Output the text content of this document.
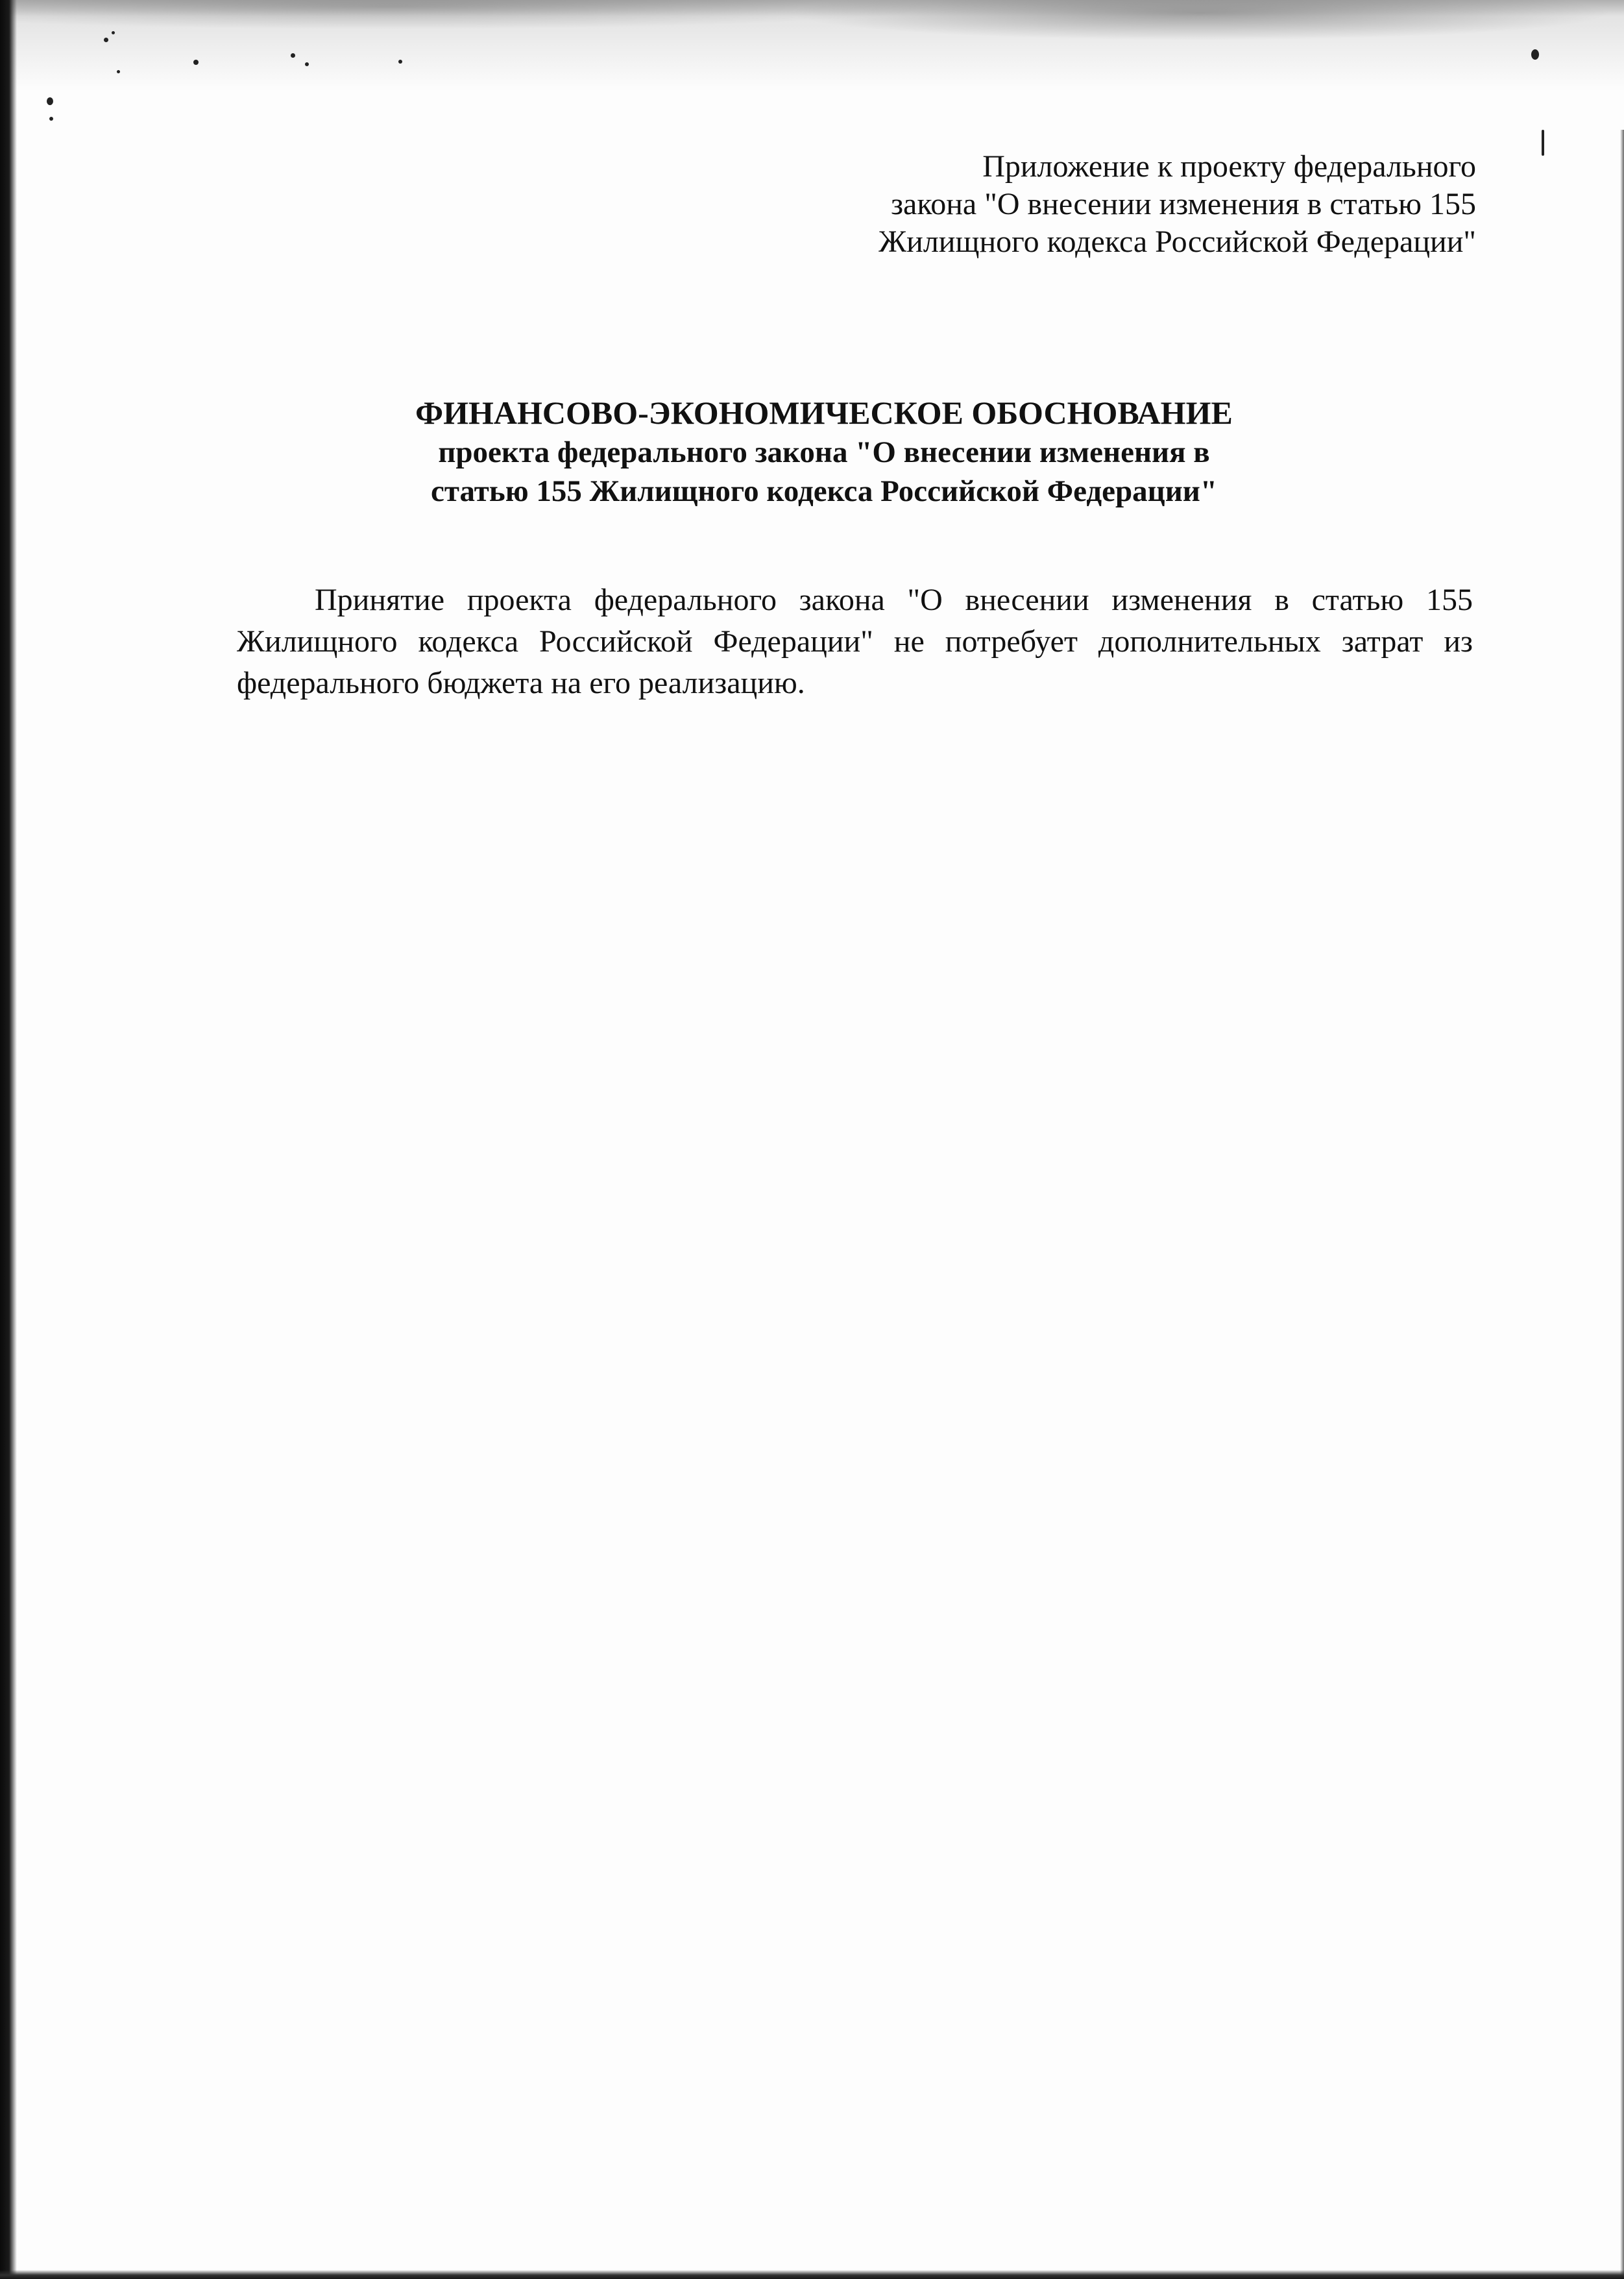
Приложение к проекту федерального
закона "О внесении изменения в статью 155
Жилищного кодекса Российской Федерации"
ФИНАНСОВО-ЭКОНОМИЧЕСКОЕ ОБОСНОВАНИЕ
проекта федерального закона "О внесении изменения в
статью 155 Жилищного кодекса Российской Федерации"

Принятие проекта федерального закона "О внесении изменения в статью 155 Жилищного кодекса Российской Федерации" не потребует дополнительных затрат из федерального бюджета на его реализацию.
